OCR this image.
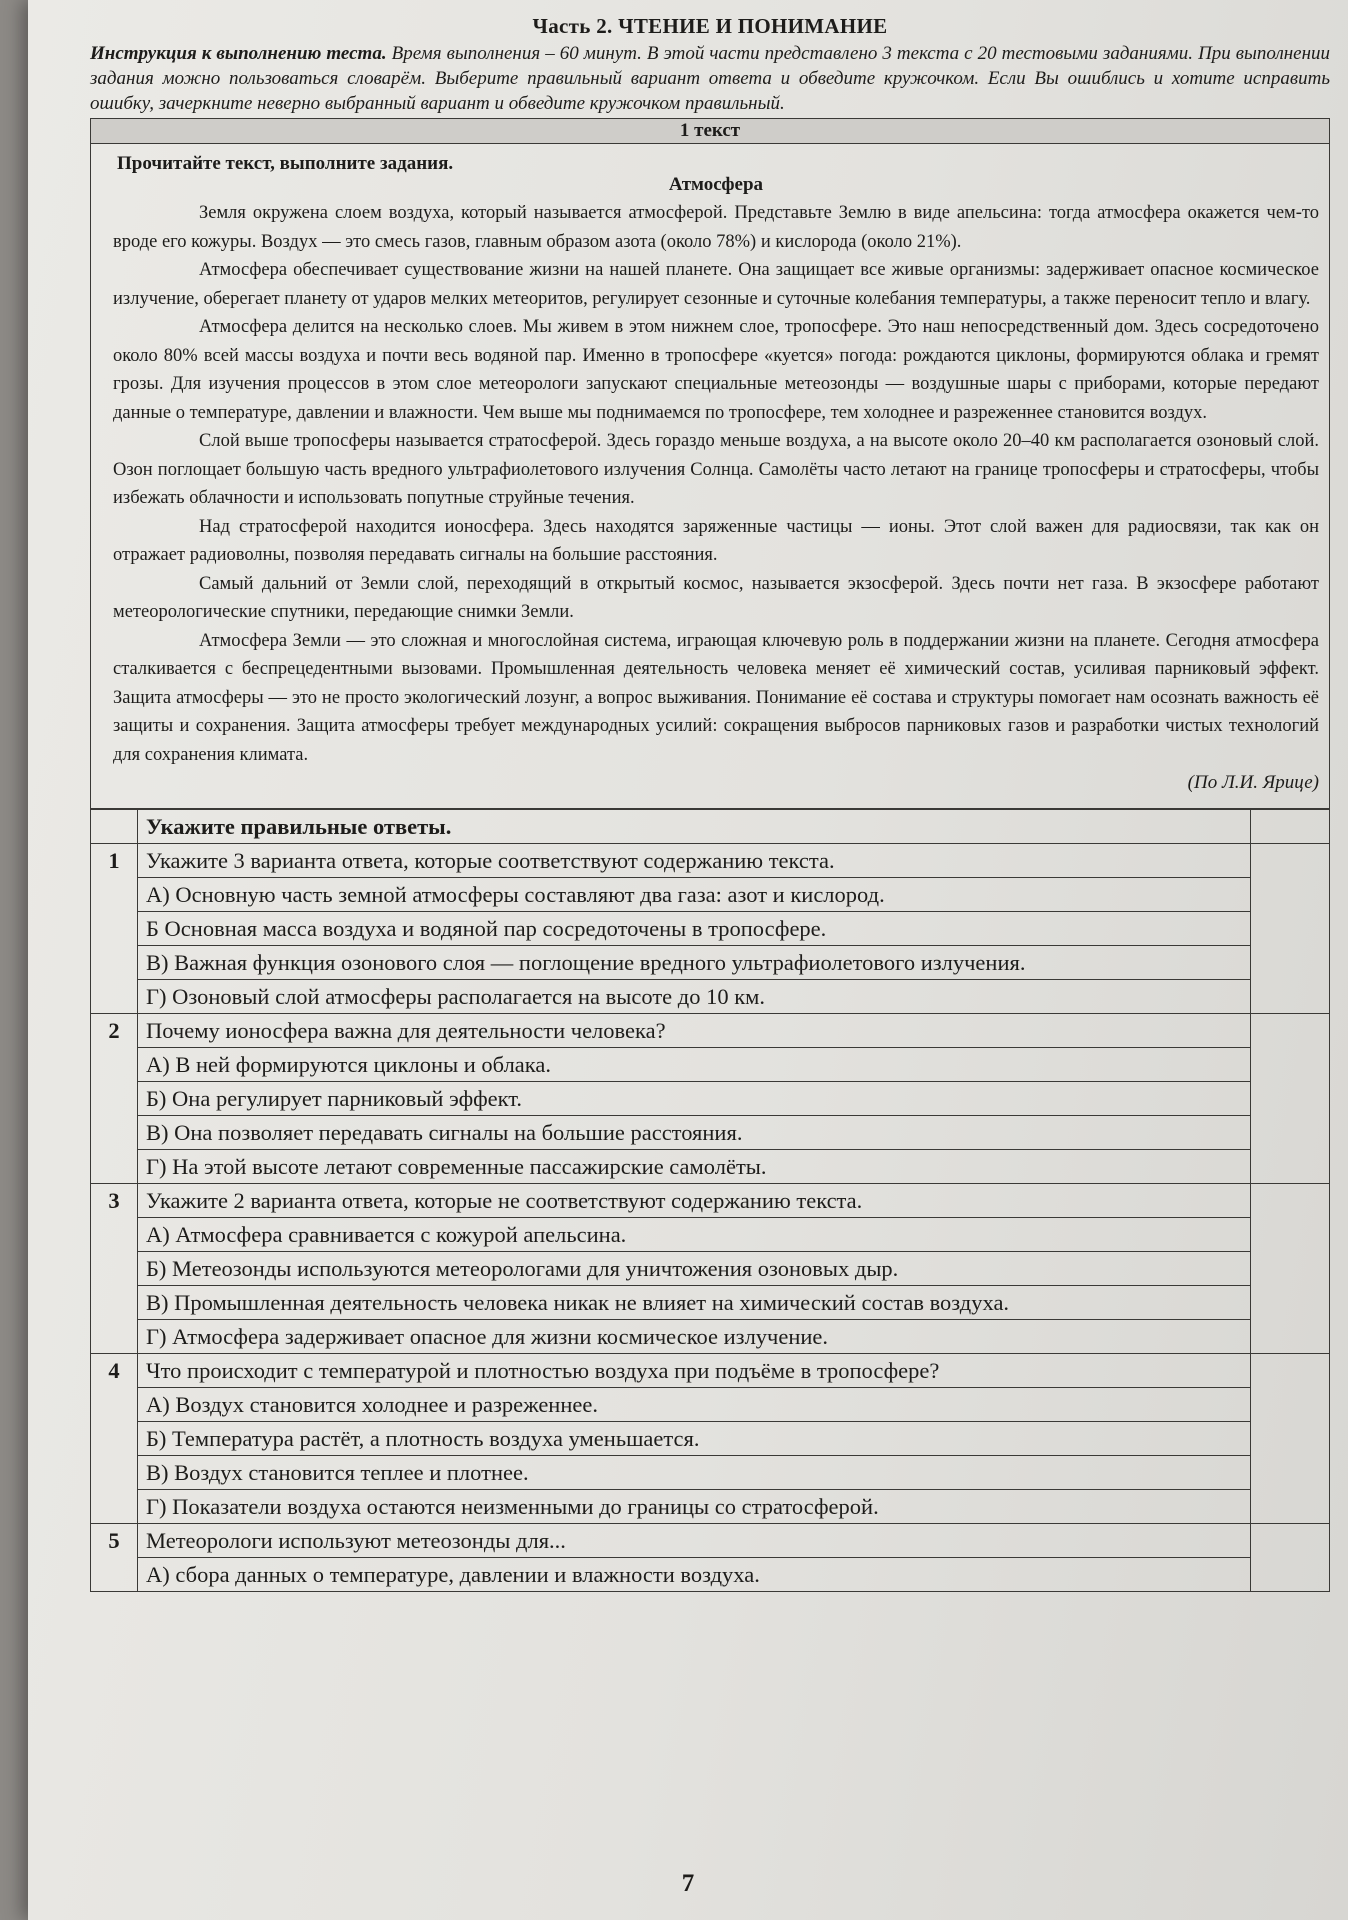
Часть 2. ЧТЕНИЕ И ПОНИМАНИЕ
Инструкция к выполнению теста. Время выполнения – 60 минут. В этой части представлено 3 текста с 20 тестовыми заданиями. При выполнении задания можно пользоваться словарём. Выберите правильный вариант ответа и обведите кружочком. Если Вы ошиблись и хотите исправить ошибку, зачеркните неверно выбранный вариант и обведите кружочком правильный.
1 текст
Прочитайте текст, выполните задания.
Атмосфера

Земля окружена слоем воздуха, который называется атмосферой. Представьте Землю в виде апельсина: тогда атмосфера окажется чем-то вроде его кожуры. Воздух — это смесь газов, главным образом азота (около 78%) и кислорода (около 21%).

Атмосфера обеспечивает существование жизни на нашей планете. Она защищает все живые организмы: задерживает опасное космическое излучение, оберегает планету от ударов мелких метеоритов, регулирует сезонные и суточные колебания температуры, а также переносит тепло и влагу.

Атмосфера делится на несколько слоев. Мы живем в этом нижнем слое, тропосфере. Это наш непосредственный дом. Здесь сосредоточено около 80% всей массы воздуха и почти весь водяной пар. Именно в тропосфере «куется» погода: рождаются циклоны, формируются облака и гремят грозы. Для изучения процессов в этом слое метеорологи запускают специальные метеозонды — воздушные шары с приборами, которые передают данные о температуре, давлении и влажности. Чем выше мы поднимаемся по тропосфере, тем холоднее и разреженнее становится воздух.

Слой выше тропосферы называется стратосферой. Здесь гораздо меньше воздуха, а на высоте около 20–40 км располагается озоновый слой. Озон поглощает большую часть вредного ультрафиолетового излучения Солнца. Самолёты часто летают на границе тропосферы и стратосферы, чтобы избежать облачности и использовать попутные струйные течения.

Над стратосферой находится ионосфера. Здесь находятся заряженные частицы — ионы. Этот слой важен для радиосвязи, так как он отражает радиоволны, позволяя передавать сигналы на большие расстояния.

Самый дальний от Земли слой, переходящий в открытый космос, называется экзосферой. Здесь почти нет газа. В экзосфере работают метеорологические спутники, передающие снимки Земли.

Атмосфера Земли — это сложная и многослойная система, играющая ключевую роль в поддержании жизни на планете. Сегодня атмосфера сталкивается с беспрецедентными вызовами. Промышленная деятельность человека меняет её химический состав, усиливая парниковый эффект. Защита атмосферы — это не просто экологический лозунг, а вопрос выживания. Понимание её состава и структуры помогает нам осознать важность её защиты и сохранения. Защита атмосферы требует международных усилий: сокращения выбросов парниковых газов и разработки чистых технологий для сохранения климата.

(По Л.И. Ярице)

	Укажите правильные ответы.	

1	Укажите 3 варианта ответа, которые соответствуют содержанию текста.
А) Основную часть земной атмосферы составляют два газа: азот и кислород.
Б Основная масса воздуха и водяной пар сосредоточены в тропосфере.
В) Важная функция озонового слоя — поглощение вредного ультрафиолетового излучения.
Г) Озоновый слой атмосферы располагается на высоте до 10 км.	

2	Почему ионосфера важна для деятельности человека?
А) В ней формируются циклоны и облака.
Б) Она регулирует парниковый эффект.
В) Она позволяет передавать сигналы на большие расстояния.
Г) На этой высоте летают современные пассажирские самолёты.	

3	Укажите 2 варианта ответа, которые не соответствуют содержанию текста.
А) Атмосфера сравнивается с кожурой апельсина.
Б) Метеозонды используются метеорологами для уничтожения озоновых дыр.
В) Промышленная деятельность человека никак не влияет на химический состав воздуха.
Г) Атмосфера задерживает опасное для жизни космическое излучение.	

4	Что происходит с температурой и плотностью воздуха при подъёме в тропосфере?
А) Воздух становится холоднее и разреженнее.
Б) Температура растёт, а плотность воздуха уменьшается.
В) Воздух становится теплее и плотнее.
Г) Показатели воздуха остаются неизменными до границы со стратосферой.	

5	Метеорологи используют метеозонды для...
А) сбора данных о температуре, давлении и влажности воздуха.	

7
